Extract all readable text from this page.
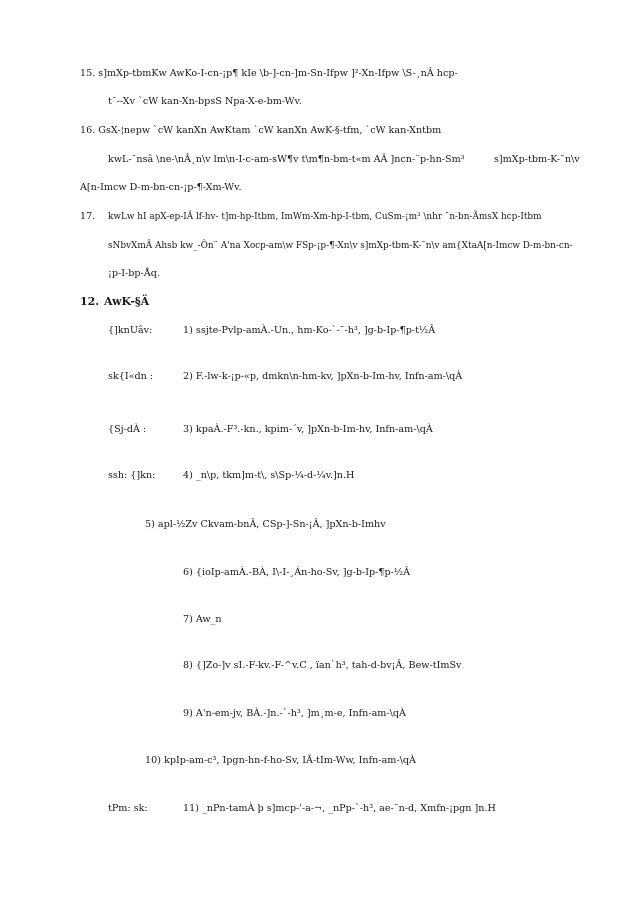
15. s]mXp-tbmKw AwKo-I-cn-¡p¶ kIe \b-]-cn-]m-Sn-Ifpw ]²-Xn-Ifpw \S-¸nÂ hcp-
t¯--Xv `cW kan-Xn-bpsS Npa-X-e-bm-Wv.
16. GsX-¦nepw `cW kanXn AwKtam `cW kanXn AwK-§-tfm, `cW kan-Xntbm
kwL-¯nsâ \ne-\nÂ¸n\v lm\n-I-c-am-sW¶v t\m¶n-bm-t«m AÂ ]ncn-¨p-hn-Sm³	s]mXp-tbm-K-¯n\v
A[n-Imcw D-m-bn-cn-¡p-¶-Xm-Wv.
17. kwLw hI apX-ep-IÄ lf-hv- t]m-hp-Itbm, ImWm-Xm-hp-I-tbm, CuSm-¡m³ \nhr ¯n-bn-ÃmsX hcp-Itbm
sNbvXmÂ Ahsb kw_-Ôn¨ A'na Xocp-am\w FSp-¡p-¶-Xn\v s]mXp-tbm-K-¯n\v am{XtaA[n-Imcw D-m-bn-cn-
¡p-I-bp-Åq.
12. AwK-§Ä
{]knUâv:	1) ssjte-Pvlp-amÀ.-Un., hm-Ko-`-¯-h³, ]g-b-Ip-¶p-t½Â
sk{I«dn :	2) F.-lw-k-¡p-«p, dmkn\n-hm-kv, ]pXn-b-Im-hv, Infn-am-\qÀ
{Sj-dÀ :	3) kpaÀ.-F³.-kn., kpim-´v, ]pXn-b-Im-hv, Infn-am-\qÀ
ssh: {]kn:	4) _n\p, tkm]m-t\, s\Sp-¼-d-¼v.]n.H
5) apl-½Zv Ckvam-bnÂ, CSp-]-Sn-¡Â, ]pXn-b-Imhv
6) {ioIp-amÀ.-BÀ, I\-I-¸Án-ho-Sv, ]g-b-Ip-¶p-½Â
7) Aw_n
8) {]Zo-]v sI.-F-kv.-F-^v.C , ïan`h³, tah-d-bv¡Â, Bew-tImSv
9) A'n-em-jv, BÀ.-]n.-`-h³, ]m¸m-e, Infn-am-\qÀ
10) kpIp-am-c³, Ipgn-hn-f-ho-Sv, IÃ-tIm-Ww, Infn-am-\qÀ
tPm: sk:	11) _nPn-tamÀ þ s]mcp-'-a-¬, _nPp-`-h³, ae-¨n-d, Xmfn-¡pgn ]n.H
